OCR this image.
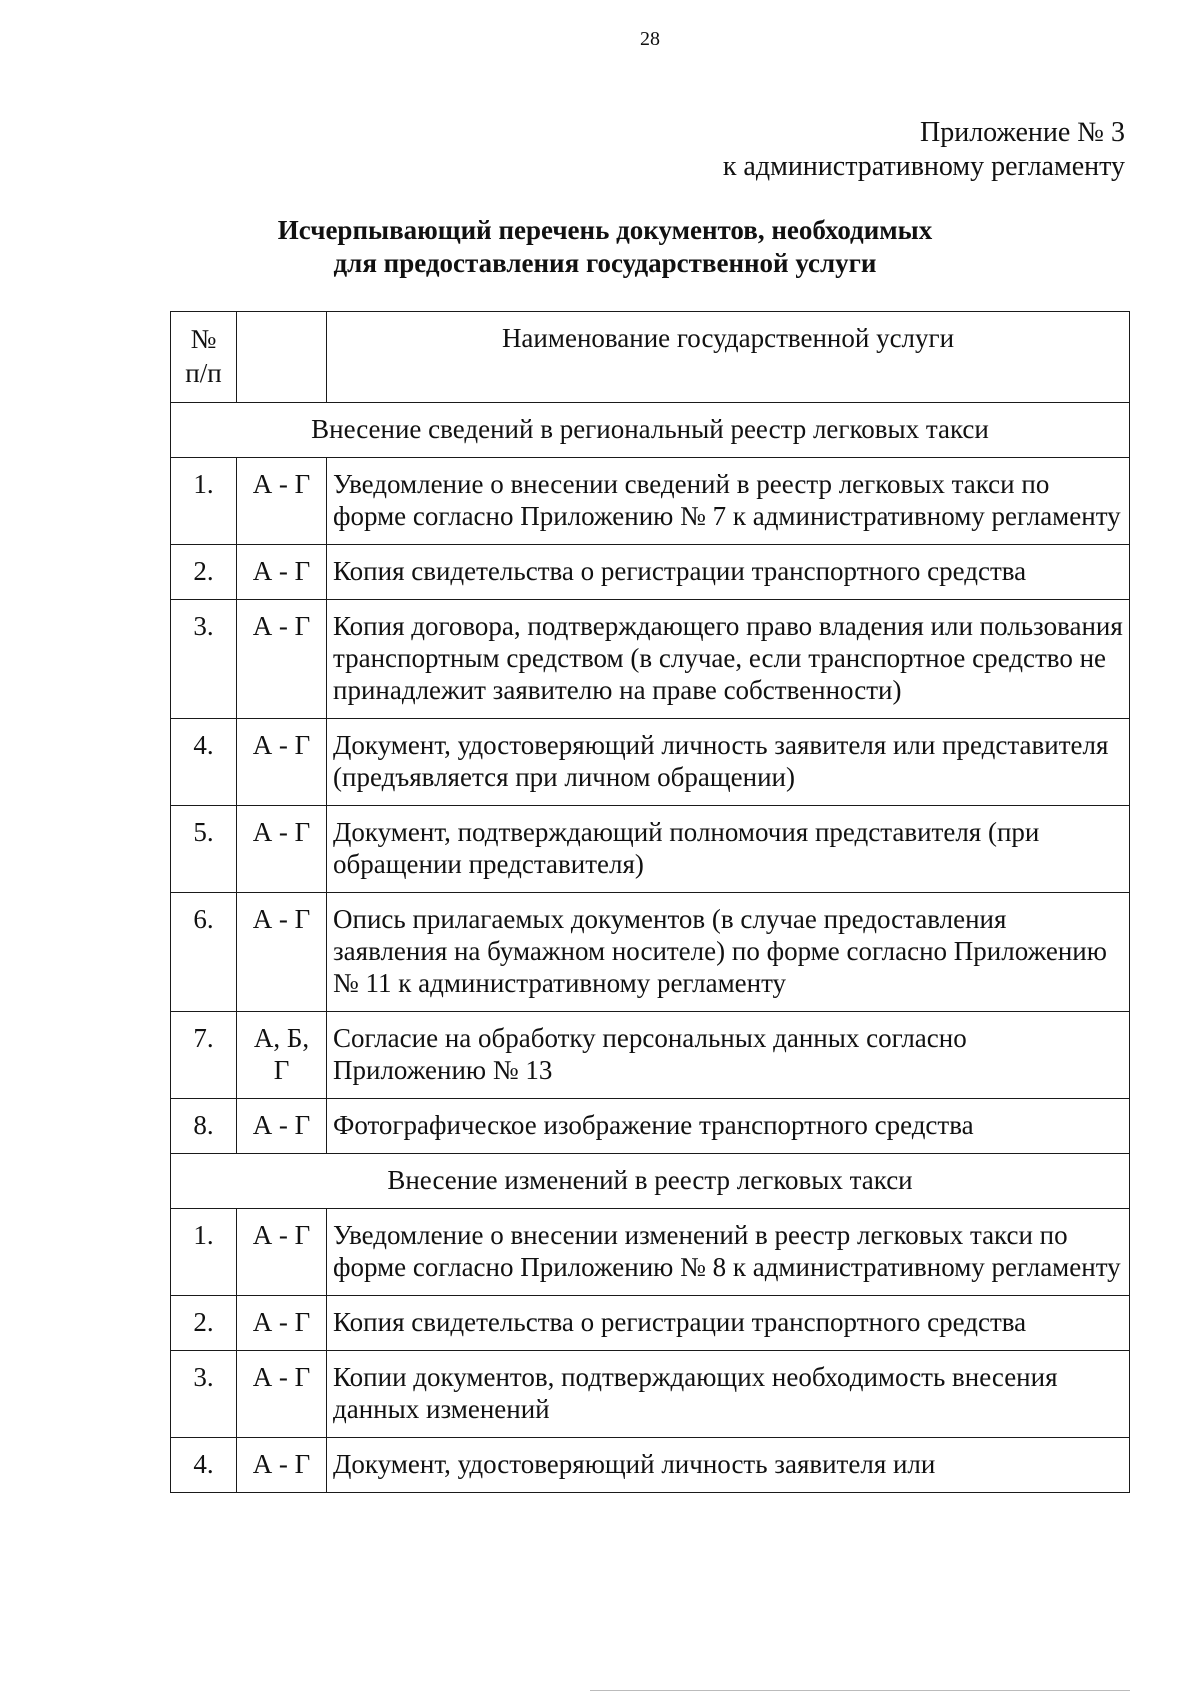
28
Приложение № 3
к административному регламенту
Исчерпывающий перечень документов, необходимых
для предоставления государственной услуги
№
п/п		Наименование государственной услуги
Внесение сведений в региональный реестр легковых такси		
1.	А - Г	Уведомление о внесении сведений в реестр легковых такси по форме согласно Приложению № 7 к административному регламенту
2.	А - Г	Копия свидетельства о регистрации транспортного средства
3.	А - Г	Копия договора, подтверждающего право владения или пользования транспортным средством (в случае, если транспортное средство не принадлежит заявителю на праве собственности)
4.	А - Г	Документ, удостоверяющий личность заявителя или представителя (предъявляется при личном обращении)
5.	А - Г	Документ, подтверждающий полномочия представителя (при обращении представителя)
6.	А - Г	Опись прилагаемых документов (в случае предоставления заявления на бумажном носителе) по форме согласно Приложению № 11 к административному регламенту
7.	А, Б, Г	Согласие на обработку персональных данных согласно Приложению № 13
8.	А - Г	Фотографическое изображение транспортного средства
Внесение изменений в реестр легковых такси		
1.	А - Г	Уведомление о внесении изменений в реестр легковых такси по форме согласно Приложению № 8 к административному регламенту
2.	А - Г	Копия свидетельства о регистрации транспортного средства
3.	А - Г	Копии документов, подтверждающих необходимость внесения данных изменений
4.	А - Г	Документ, удостоверяющий личность заявителя или
